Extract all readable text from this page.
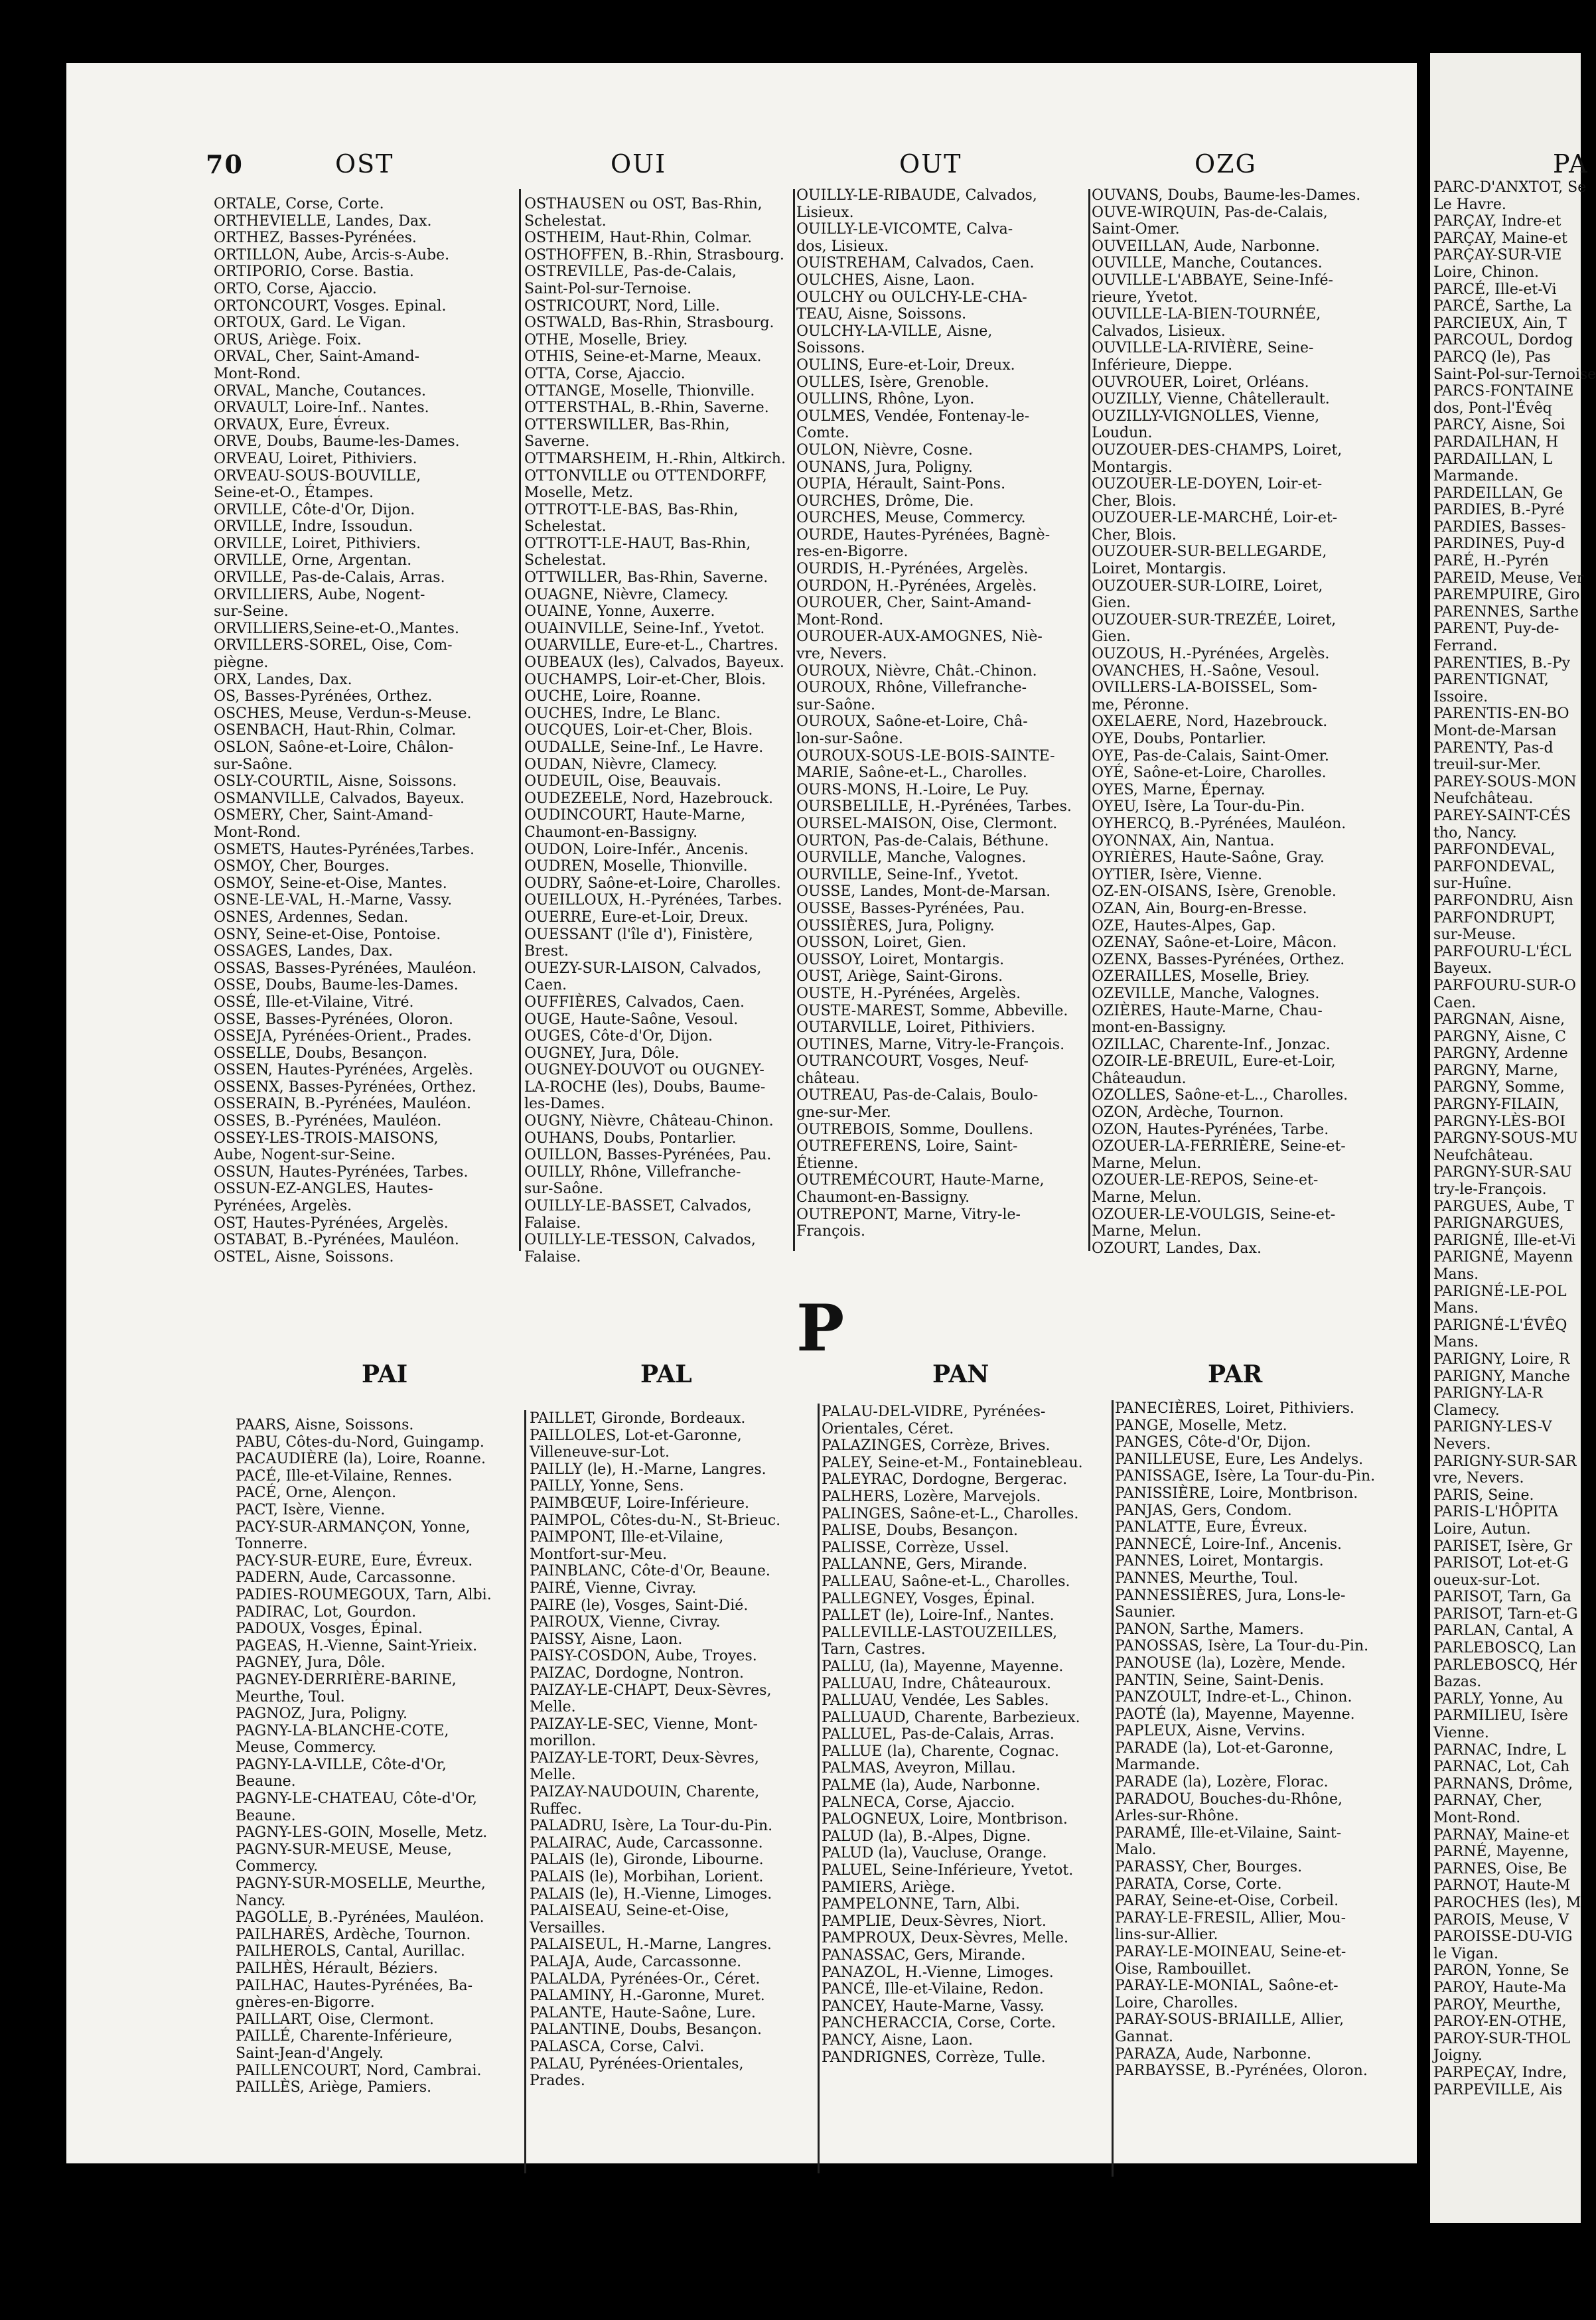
70	OST	OUI	OUT	OZG	PA

ORTALE, Corse, Corte.

ORTHEVIELLE, Landes, Dax.

ORTHEZ, Basses-Pyrénées.

ORTILLON, Aube, Arcis-s-Aube.

ORTIPORIO, Corse. Bastia.

ORTO, Corse, Ajaccio.

ORTONCOURT, Vosges. Epinal.

ORTOUX, Gard. Le Vigan.

ORUS, Ariège. Foix.

ORVAL, Cher, Saint-Amand-

Mont-Rond.

ORVAL, Manche, Coutances.

ORVAULT, Loire-Inf.. Nantes.

ORVAUX, Eure, Évreux.

ORVE, Doubs, Baume-les-Dames.

ORVEAU, Loiret, Pithiviers.

ORVEAU-SOUS-BOUVILLE,

Seine-et-O., Étampes.

ORVILLE, Côte-d'Or, Dijon.

ORVILLE, Indre, Issoudun.

ORVILLE, Loiret, Pithiviers.

ORVILLE, Orne, Argentan.

ORVILLE, Pas-de-Calais, Arras.

ORVILLIERS, Aube, Nogent-

sur-Seine.

ORVILLIERS,Seine-et-O.,Mantes.

ORVILLERS-SOREL, Oise, Com-

piègne.

ORX, Landes, Dax.

OS, Basses-Pyrénées, Orthez.

OSCHES, Meuse, Verdun-s-Meuse.

OSENBACH, Haut-Rhin, Colmar.

OSLON, Saône-et-Loire, Châlon-

sur-Saône.

OSLY-COURTIL, Aisne, Soissons.

OSMANVILLE, Calvados, Bayeux.

OSMERY, Cher, Saint-Amand-

Mont-Rond.

OSMETS, Hautes-Pyrénées,Tarbes.

OSMOY, Cher, Bourges.

OSMOY, Seine-et-Oise, Mantes.

OSNE-LE-VAL, H.-Marne, Vassy.

OSNES, Ardennes, Sedan.

OSNY, Seine-et-Oise, Pontoise.

OSSAGES, Landes, Dax.

OSSAS, Basses-Pyrénées, Mauléon.

OSSE, Doubs, Baume-les-Dames.

OSSÉ, Ille-et-Vilaine, Vitré.

OSSE, Basses-Pyrénées, Oloron.

OSSEJA, Pyrénées-Orient., Prades.

OSSELLE, Doubs, Besançon.

OSSEN, Hautes-Pyrénées, Argelès.

OSSENX, Basses-Pyrénées, Orthez.

OSSERAIN, B.-Pyrénées, Mauléon.

OSSES, B.-Pyrénées, Mauléon.

OSSEY-LES-TROIS-MAISONS,

Aube, Nogent-sur-Seine.

OSSUN, Hautes-Pyrénées, Tarbes.

OSSUN-EZ-ANGLES, Hautes-

Pyrénées, Argelès.

OST, Hautes-Pyrénées, Argelès.

OSTABAT, B.-Pyrénées, Mauléon.

OSTEL, Aisne, Soissons.

OSTHAUSEN ou OST, Bas-Rhin,

Schelestat.

OSTHEIM, Haut-Rhin, Colmar.

OSTHOFFEN, B.-Rhin, Strasbourg.

OSTREVILLE, Pas-de-Calais,

Saint-Pol-sur-Ternoise.

OSTRICOURT, Nord, Lille.

OSTWALD, Bas-Rhin, Strasbourg.

OTHE, Moselle, Briey.

OTHIS, Seine-et-Marne, Meaux.

OTTA, Corse, Ajaccio.

OTTANGE, Moselle, Thionville.

OTTERSTHAL, B.-Rhin, Saverne.

OTTERSWILLER, Bas-Rhin,

Saverne.

OTTMARSHEIM, H.-Rhin, Altkirch.

OTTONVILLE ou OTTENDORFF,

Moselle, Metz.

OTTROTT-LE-BAS, Bas-Rhin,

Schelestat.

OTTROTT-LE-HAUT, Bas-Rhin,

Schelestat.

OTTWILLER, Bas-Rhin, Saverne.

OUAGNE, Nièvre, Clamecy.

OUAINE, Yonne, Auxerre.

OUAINVILLE, Seine-Inf., Yvetot.

OUARVILLE, Eure-et-L., Chartres.

OUBEAUX (les), Calvados, Bayeux.

OUCHAMPS, Loir-et-Cher, Blois.

OUCHE, Loire, Roanne.

OUCHES, Indre, Le Blanc.

OUCQUES, Loir-et-Cher, Blois.

OUDALLE, Seine-Inf., Le Havre.

OUDAN, Nièvre, Clamecy.

OUDEUIL, Oise, Beauvais.

OUDEZEELE, Nord, Hazebrouck.

OUDINCOURT, Haute-Marne,

Chaumont-en-Bassigny.

OUDON, Loire-Infér., Ancenis.

OUDREN, Moselle, Thionville.

OUDRY, Saône-et-Loire, Charolles.

OUEILLOUX, H.-Pyrénées, Tarbes.

OUERRE, Eure-et-Loir, Dreux.

OUESSANT (l'île d'), Finistère,

Brest.

OUEZY-SUR-LAISON, Calvados,

Caen.

OUFFIÈRES, Calvados, Caen.

OUGE, Haute-Saône, Vesoul.

OUGES, Côte-d'Or, Dijon.

OUGNEY, Jura, Dôle.

OUGNEY-DOUVOT ou OUGNEY-

LA-ROCHE (les), Doubs, Baume-

les-Dames.

OUGNY, Nièvre, Château-Chinon.

OUHANS, Doubs, Pontarlier.

OUILLON, Basses-Pyrénées, Pau.

OUILLY, Rhône, Villefranche-

sur-Saône.

OUILLY-LE-BASSET, Calvados,

Falaise.

OUILLY-LE-TESSON, Calvados,

Falaise.

OUILLY-LE-RIBAUDE, Calvados,

Lisieux.

OUILLY-LE-VICOMTE, Calva-

dos, Lisieux.

OUISTREHAM, Calvados, Caen.

OULCHES, Aisne, Laon.

OULCHY ou OULCHY-LE-CHA-

TEAU, Aisne, Soissons.

OULCHY-LA-VILLE, Aisne,

Soissons.

OULINS, Eure-et-Loir, Dreux.

OULLES, Isère, Grenoble.

OULLINS, Rhône, Lyon.

OULMES, Vendée, Fontenay-le-

Comte.

OULON, Nièvre, Cosne.

OUNANS, Jura, Poligny.

OUPIA, Hérault, Saint-Pons.

OURCHES, Drôme, Die.

OURCHES, Meuse, Commercy.

OURDE, Hautes-Pyrénées, Bagnè-

res-en-Bigorre.

OURDIS, H.-Pyrénées, Argelès.

OURDON, H.-Pyrénées, Argelès.

OUROUER, Cher, Saint-Amand-

Mont-Rond.

OUROUER-AUX-AMOGNES, Niè-

vre, Nevers.

OUROUX, Nièvre, Chât.-Chinon.

OUROUX, Rhône, Villefranche-

sur-Saône.

OUROUX, Saône-et-Loire, Châ-

lon-sur-Saône.

OUROUX-SOUS-LE-BOIS-SAINTE-

MARIE, Saône-et-L., Charolles.

OURS-MONS, H.-Loire, Le Puy.

OURSBELILLE, H.-Pyrénées, Tarbes.

OURSEL-MAISON, Oise, Clermont.

OURTON, Pas-de-Calais, Béthune.

OURVILLE, Manche, Valognes.

OURVILLE, Seine-Inf., Yvetot.

OUSSE, Landes, Mont-de-Marsan.

OUSSE, Basses-Pyrénées, Pau.

OUSSIÈRES, Jura, Poligny.

OUSSON, Loiret, Gien.

OUSSOY, Loiret, Montargis.

OUST, Ariège, Saint-Girons.

OUSTE, H.-Pyrénées, Argelès.

OUSTE-MAREST, Somme, Abbeville.

OUTARVILLE, Loiret, Pithiviers.

OUTINES, Marne, Vitry-le-François.

OUTRANCOURT, Vosges, Neuf-

château.

OUTREAU, Pas-de-Calais, Boulo-

gne-sur-Mer.

OUTREBOIS, Somme, Doullens.

OUTREFERENS, Loire, Saint-

Étienne.

OUTREMÉCOURT, Haute-Marne,

Chaumont-en-Bassigny.

OUTREPONT, Marne, Vitry-le-

François.

OUVANS, Doubs, Baume-les-Dames.

OUVE-WIRQUIN, Pas-de-Calais,

Saint-Omer.

OUVEILLAN, Aude, Narbonne.

OUVILLE, Manche, Coutances.

OUVILLE-L'ABBAYE, Seine-Infé-

rieure, Yvetot.

OUVILLE-LA-BIEN-TOURNÉE,

Calvados, Lisieux.

OUVILLE-LA-RIVIÈRE, Seine-

Inférieure, Dieppe.

OUVROUER, Loiret, Orléans.

OUZILLY, Vienne, Châtellerault.

OUZILLY-VIGNOLLES, Vienne,

Loudun.

OUZOUER-DES-CHAMPS, Loiret,

Montargis.

OUZOUER-LE-DOYEN, Loir-et-

Cher, Blois.

OUZOUER-LE-MARCHÉ, Loir-et-

Cher, Blois.

OUZOUER-SUR-BELLEGARDE,

Loiret, Montargis.

OUZOUER-SUR-LOIRE, Loiret,

Gien.

OUZOUER-SUR-TREZÉE, Loiret,

Gien.

OUZOUS, H.-Pyrénées, Argelès.

OVANCHES, H.-Saône, Vesoul.

OVILLERS-LA-BOISSEL, Som-

me, Péronne.

OXELAERE, Nord, Hazebrouck.

OYE, Doubs, Pontarlier.

OYE, Pas-de-Calais, Saint-Omer.

OYÉ, Saône-et-Loire, Charolles.

OYES, Marne, Épernay.

OYEU, Isère, La Tour-du-Pin.

OYHERCQ, B.-Pyrénées, Mauléon.

OYONNAX, Ain, Nantua.

OYRIÈRES, Haute-Saône, Gray.

OYTIER, Isère, Vienne.

OZ-EN-OISANS, Isère, Grenoble.

OZAN, Ain, Bourg-en-Bresse.

OZE, Hautes-Alpes, Gap.

OZENAY, Saône-et-Loire, Mâcon.

OZENX, Basses-Pyrénées, Orthez.

OZERAILLES, Moselle, Briey.

OZEVILLE, Manche, Valognes.

OZIÈRES, Haute-Marne, Chau-

mont-en-Bassigny.

OZILLAC, Charente-Inf., Jonzac.

OZOIR-LE-BREUIL, Eure-et-Loir,

Châteaudun.

OZOLLES, Saône-et-L.., Charolles.

OZON, Ardèche, Tournon.

OZON, Hautes-Pyrénées, Tarbe.

OZOUER-LA-FERRIÈRE, Seine-et-

Marne, Melun.

OZOUER-LE-REPOS, Seine-et-

Marne, Melun.

OZOUER-LE-VOULGIS, Seine-et-

Marne, Melun.

OZOURT, Landes, Dax.

P
PAI	PAL	PAN	PAR

PAARS, Aisne, Soissons.

PABU, Côtes-du-Nord, Guingamp.

PACAUDIÈRE (la), Loire, Roanne.

PACÉ, Ille-et-Vilaine, Rennes.

PACÉ, Orne, Alençon.

PACT, Isère, Vienne.

PACY-SUR-ARMANÇON, Yonne,

Tonnerre.

PACY-SUR-EURE, Eure, Évreux.

PADERN, Aude, Carcassonne.

PADIES-ROUMEGOUX, Tarn, Albi.

PADIRAC, Lot, Gourdon.

PADOUX, Vosges, Épinal.

PAGEAS, H.-Vienne, Saint-Yrieix.

PAGNEY, Jura, Dôle.

PAGNEY-DERRIÈRE-BARINE,

Meurthe, Toul.

PAGNOZ, Jura, Poligny.

PAGNY-LA-BLANCHE-COTE,

Meuse, Commercy.

PAGNY-LA-VILLE, Côte-d'Or,

Beaune.

PAGNY-LE-CHATEAU, Côte-d'Or,

Beaune.

PAGNY-LES-GOIN, Moselle, Metz.

PAGNY-SUR-MEUSE, Meuse,

Commercy.

PAGNY-SUR-MOSELLE, Meurthe,

Nancy.

PAGOLLE, B.-Pyrénées, Mauléon.

PAILHARÈS, Ardèche, Tournon.

PAILHEROLS, Cantal, Aurillac.

PAILHÈS, Hérault, Béziers.

PAILHAC, Hautes-Pyrénées, Ba-

gnères-en-Bigorre.

PAILLART, Oise, Clermont.

PAILLÉ, Charente-Inférieure,

Saint-Jean-d'Angely.

PAILLENCOURT, Nord, Cambrai.

PAILLÈS, Ariège, Pamiers.

PAILLET, Gironde, Bordeaux.

PAILLOLES, Lot-et-Garonne,

Villeneuve-sur-Lot.

PAILLY (le), H.-Marne, Langres.

PAILLY, Yonne, Sens.

PAIMBŒUF, Loire-Inférieure.

PAIMPOL, Côtes-du-N., St-Brieuc.

PAIMPONT, Ille-et-Vilaine,

Montfort-sur-Meu.

PAINBLANC, Côte-d'Or, Beaune.

PAIRÉ, Vienne, Civray.

PAIRE (le), Vosges, Saint-Dié.

PAIROUX, Vienne, Civray.

PAISSY, Aisne, Laon.

PAISY-COSDON, Aube, Troyes.

PAIZAC, Dordogne, Nontron.

PAIZAY-LE-CHAPT, Deux-Sèvres,

Melle.

PAIZAY-LE-SEC, Vienne, Mont-

morillon.

PAIZAY-LE-TORT, Deux-Sèvres,

Melle.

PAIZAY-NAUDOUIN, Charente,

Ruffec.

PALADRU, Isère, La Tour-du-Pin.

PALAIRAC, Aude, Carcassonne.

PALAIS (le), Gironde, Libourne.

PALAIS (le), Morbihan, Lorient.

PALAIS (le), H.-Vienne, Limoges.

PALAISEAU, Seine-et-Oise,

Versailles.

PALAISEUL, H.-Marne, Langres.

PALAJA, Aude, Carcassonne.

PALALDA, Pyrénées-Or., Céret.

PALAMINY, H.-Garonne, Muret.

PALANTE, Haute-Saône, Lure.

PALANTINE, Doubs, Besançon.

PALASCA, Corse, Calvi.

PALAU, Pyrénées-Orientales,

Prades.

PALAU-DEL-VIDRE, Pyrénées-

Orientales, Céret.

PALAZINGES, Corrèze, Brives.

PALEY, Seine-et-M., Fontainebleau.

PALEYRAC, Dordogne, Bergerac.

PALHERS, Lozère, Marvejols.

PALINGES, Saône-et-L., Charolles.

PALISE, Doubs, Besançon.

PALISSE, Corrèze, Ussel.

PALLANNE, Gers, Mirande.

PALLEAU, Saône-et-L., Charolles.

PALLEGNEY, Vosges, Épinal.

PALLET (le), Loire-Inf., Nantes.

PALLEVILLE-LASTOUZEILLES,

Tarn, Castres.

PALLU, (la), Mayenne, Mayenne.

PALLUAU, Indre, Châteauroux.

PALLUAU, Vendée, Les Sables.

PALLUAUD, Charente, Barbezieux.

PALLUEL, Pas-de-Calais, Arras.

PALLUE (la), Charente, Cognac.

PALMAS, Aveyron, Millau.

PALME (la), Aude, Narbonne.

PALNECA, Corse, Ajaccio.

PALOGNEUX, Loire, Montbrison.

PALUD (la), B.-Alpes, Digne.

PALUD (la), Vaucluse, Orange.

PALUEL, Seine-Inférieure, Yvetot.

PAMIERS, Ariège.

PAMPELONNE, Tarn, Albi.

PAMPLIE, Deux-Sèvres, Niort.

PAMPROUX, Deux-Sèvres, Melle.

PANASSAC, Gers, Mirande.

PANAZOL, H.-Vienne, Limoges.

PANCÉ, Ille-et-Vilaine, Redon.

PANCEY, Haute-Marne, Vassy.

PANCHERACCIA, Corse, Corte.

PANCY, Aisne, Laon.

PANDRIGNES, Corrèze, Tulle.

PANECIÈRES, Loiret, Pithiviers.

PANGE, Moselle, Metz.

PANGES, Côte-d'Or, Dijon.

PANILLEUSE, Eure, Les Andelys.

PANISSAGE, Isère, La Tour-du-Pin.

PANISSIÈRE, Loire, Montbrison.

PANJAS, Gers, Condom.

PANLATTE, Eure, Évreux.

PANNECÉ, Loire-Inf., Ancenis.

PANNES, Loiret, Montargis.

PANNES, Meurthe, Toul.

PANNESSIÈRES, Jura, Lons-le-

Saunier.

PANON, Sarthe, Mamers.

PANOSSAS, Isère, La Tour-du-Pin.

PANOUSE (la), Lozère, Mende.

PANTIN, Seine, Saint-Denis.

PANZOULT, Indre-et-L., Chinon.

PAOTÉ (la), Mayenne, Mayenne.

PAPLEUX, Aisne, Vervins.

PARADE (la), Lot-et-Garonne,

Marmande.

PARADE (la), Lozère, Florac.

PARADOU, Bouches-du-Rhône,

Arles-sur-Rhône.

PARAMÉ, Ille-et-Vilaine, Saint-

Malo.

PARASSY, Cher, Bourges.

PARATA, Corse, Corte.

PARAY, Seine-et-Oise, Corbeil.

PARAY-LE-FRESIL, Allier, Mou-

lins-sur-Allier.

PARAY-LE-MOINEAU, Seine-et-

Oise, Rambouillet.

PARAY-LE-MONIAL, Saône-et-

Loire, Charolles.

PARAY-SOUS-BRIAILLE, Allier,

Gannat.

PARAZA, Aude, Narbonne.

PARBAYSSE, B.-Pyrénées, Oloron.

PARC-D'ANXTOT, Se

Le Havre.

PARÇAY, Indre-et

PARÇAY, Maine-et

PARÇAY-SUR-VIE

Loire, Chinon.

PARCÉ, Ille-et-Vi

PARCÉ, Sarthe, La

PARCIEUX, Ain, T

PARCOUL, Dordog

PARCQ (le), Pas

Saint-Pol-sur-Ternoise

PARCS-FONTAINE

dos, Pont-l'Évêq

PARCY, Aisne, Soi

PARDAILHAN, H

PARDAILLAN, L

Marmande.

PARDEILLAN, Ge

PARDIES, B.-Pyré

PARDIES, Basses-

PARDINES, Puy-d

PARÉ, H.-Pyrén

PAREID, Meuse, Ver

PAREMPUIRE, Giro

PARENNES, Sarthe

PARENT, Puy-de-

Ferrand.

PARENTIES, B.-Py

PARENTIGNAT,

Issoire.

PARENTIS-EN-BO

Mont-de-Marsan

PARENTY, Pas-d

treuil-sur-Mer.

PAREY-SOUS-MON

Neufchâteau.

PAREY-SAINT-CÉS

tho, Nancy.

PARFONDEVAL,

PARFONDEVAL,

sur-Huîne.

PARFONDRU, Aisn

PARFONDRUPT,

sur-Meuse.

PARFOURU-L'ÉCL

Bayeux.

PARFOURU-SUR-O

Caen.

PARGNAN, Aisne,

PARGNY, Aisne, C

PARGNY, Ardenne

PARGNY, Marne,

PARGNY, Somme,

PARGNY-FILAIN,

PARGNY-LÈS-BOI

PARGNY-SOUS-MU

Neufchâteau.

PARGNY-SUR-SAU

try-le-François.

PARGUES, Aube, T

PARIGNARGUES,

PARIGNÉ, Ille-et-Vi

PARIGNÉ, Mayenn

Mans.

PARIGNÉ-LE-POL

Mans.

PARIGNÉ-L'ÉVÊQ

Mans.

PARIGNY, Loire, R

PARIGNY, Manche

PARIGNY-LA-R

Clamecy.

PARIGNY-LES-V

Nevers.

PARIGNY-SUR-SAR

vre, Nevers.

PARIS, Seine.

PARIS-L'HÔPITA

Loire, Autun.

PARISET, Isère, Gr

PARISOT, Lot-et-G

oueux-sur-Lot.

PARISOT, Tarn, Ga

PARISOT, Tarn-et-G

PARLAN, Cantal, A

PARLEBOSCQ, Lan

PARLEBOSCQ, Hér

Bazas.

PARLY, Yonne, Au

PARMILIEU, Isère

Vienne.

PARNAC, Indre, L

PARNAC, Lot, Cah

PARNANS, Drôme,

PARNAY, Cher,

Mont-Rond.

PARNAY, Maine-et

PARNÉ, Mayenne,

PARNES, Oise, Be

PARNOT, Haute-M

PAROCHES (les), M

PAROIS, Meuse, V

PAROISSE-DU-VIG

le Vigan.

PARON, Yonne, Se

PAROY, Haute-Ma

PAROY, Meurthe,

PAROY-EN-OTHE,

PAROY-SUR-THOL

Joigny.

PARPEÇAY, Indre,

PARPEVILLE, Ais
